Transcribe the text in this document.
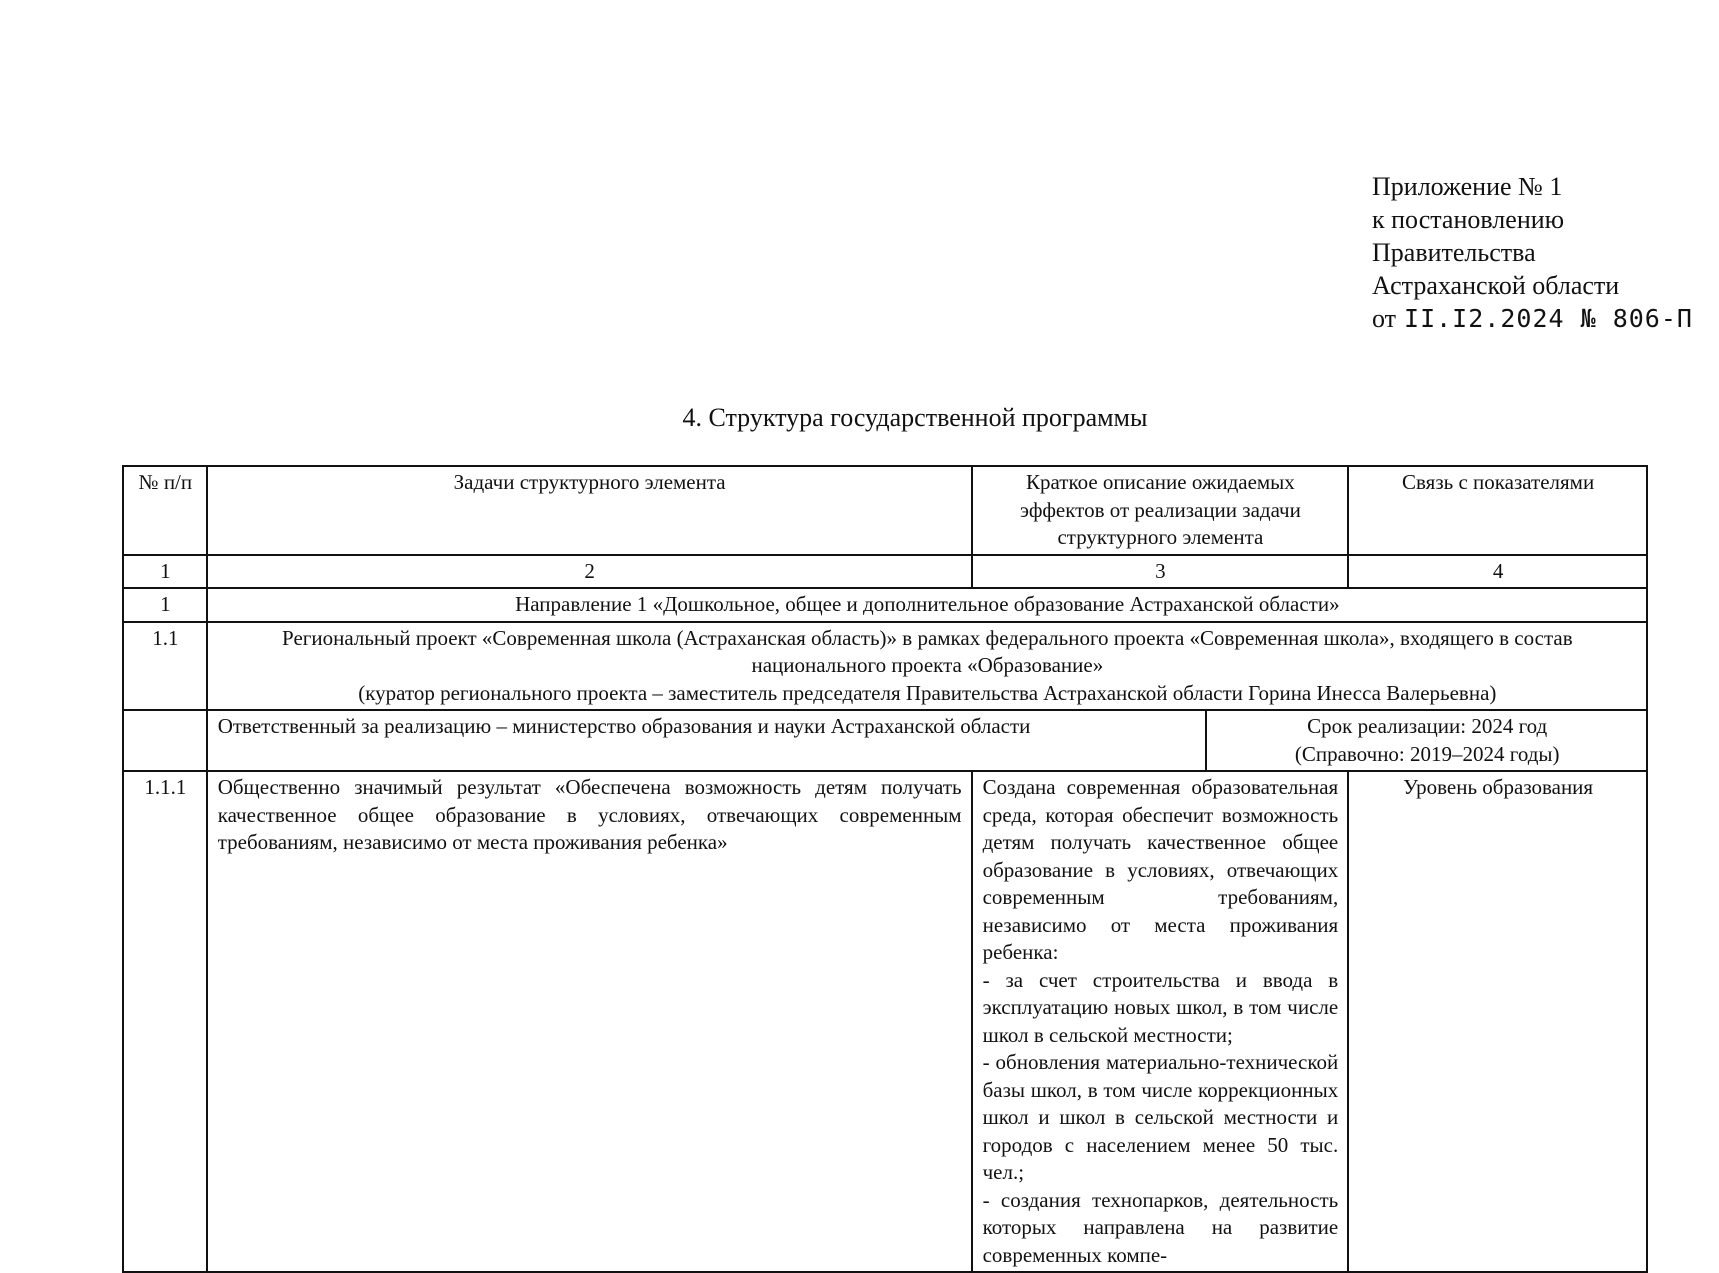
Приложение № 1
к постановлению
Правительства
Астраханской области
от II.I2.2024 № 806-П
4. Структура государственной программы
№ п/п	Задачи структурного элемента	Краткое описание ожидаемых эффектов от реализации задачи структурного элемента		Связь с показателями
1	2	3		4
1	Направление 1 «Дошкольное, общее и дополнительное образование Астраханской области»			
1.1	Региональный проект «Современная школа (Астраханская область)» в рамках федерального проекта «Современная школа», входящего в состав национального проекта «Образование»
(куратор регионального проекта – заместитель председателя Правительства Астраханской области Горина Инесса Валерьевна)			

	Ответственный за реализацию – министерство образования и науки Астраханской области		Срок реализации: 2024 год
(Справочно: 2019–2024 годы)	

1.1.1	Общественно значимый результат «Обеспечена возможность детям получать качественное общее образование в условиях, отвечающих современным требованиям, независимо от места проживания ребенка»	Создана современная образовательная среда, которая обеспечит возможность детям получать качественное общее образование в условиях, отвечающих современным требованиям, независимо от места проживания ребенка:
- за счет строительства и ввода в эксплуатацию новых школ, в том числе школ в сельской местности;
- обновления материально-технической базы школ, в том числе коррекционных школ и школ в сельской местности и городов с населением менее 50 тыс. чел.;
- создания технопарков, деятельность которых направлена на развитие современных компе-		Уровень образования
